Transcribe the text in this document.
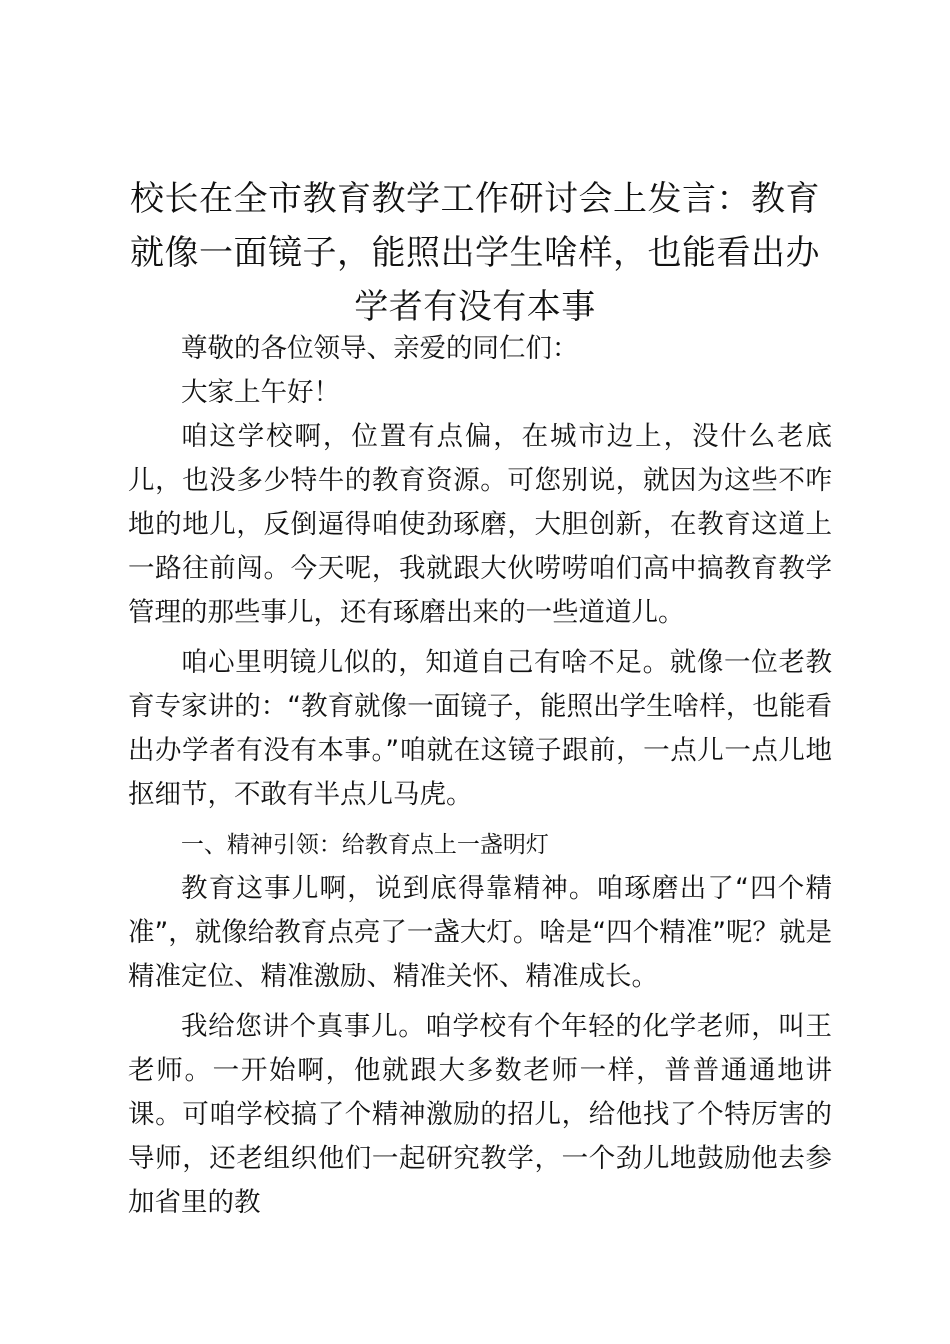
校长在全市教育教学工作研讨会上发言：教育就像一面镜子，能照出学生啥样，也能看出办学者有没有本事

尊敬的各位领导、亲爱的同仁们：

大家上午好！

咱这学校啊，位置有点偏，在城市边上，没什么老底儿，也没多少特牛的教育资源。可您别说，就因为这些不咋地的地儿，反倒逼得咱使劲琢磨，大胆创新，在教育这道上一路往前闯。今天呢，我就跟大伙唠唠咱们高中搞教育教学管理的那些事儿，还有琢磨出来的一些道道儿。

咱心里明镜儿似的，知道自己有啥不足。就像一位老教育专家讲的：“教育就像一面镜子，能照出学生啥样，也能看出办学者有没有本事。”咱就在这镜子跟前，一点儿一点儿地抠细节，不敢有半点儿马虎。

一、精神引领：给教育点上一盏明灯

教育这事儿啊，说到底得靠精神。咱琢磨出了“四个精准”，就像给教育点亮了一盏大灯。啥是“四个精准”呢？就是精准定位、精准激励、精准关怀、精准成长。

我给您讲个真事儿。咱学校有个年轻的化学老师，叫王老师。一开始啊，他就跟大多数老师一样，普普通通地讲课。可咱学校搞了个精神激励的招儿，给他找了个特厉害的导师，还老组织他们一起研究教学，一个劲儿地鼓励他去参加省里的教
